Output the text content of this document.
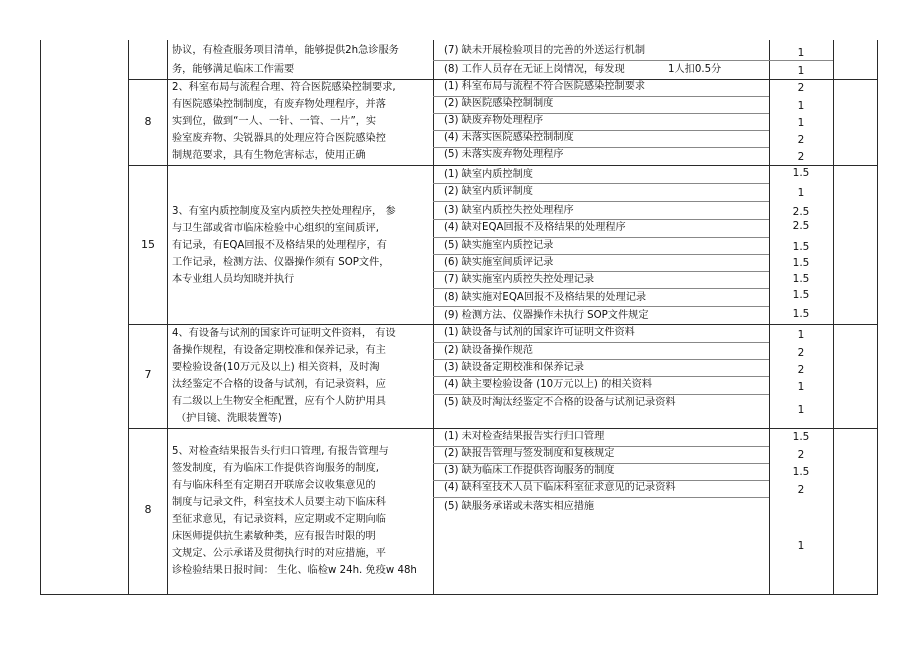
协议，有检查服务项目清单，能够提供2h急诊服务
务，能够满足临床工作需要
(7) 缺未开展检验项目的完善的外送运行机制	1
(8) 工作人员存在无证上岗情况，每发现	1人扣0.5分	1
8
2、科室布局与流程合理、符合医院感染控制要求,
有医院感染控制制度，有废弃物处理程序，并落
实到位，做到“一人、一针、一管、一片”，实
验室废弃物、尖锐器具的处理应符合医院感染控
制规范要求，具有生物危害标志，使用正确
(1) 科室布局与流程不符合医院感染控制要求	2
(2) 缺医院感染控制制度	1
(3) 缺废弃物处理程序	1
(4) 未落实医院感染控制制度	2
(5) 未落实废弃物处理程序	2
15
3、有室内质控制度及室内质控失控处理程序， 参
与卫生部或省市临床检验中心组织的室间质评,
有记录，有EQA回报不及格结果的处理程序，有
工作记录，检测方法、仪器操作须有 SOP文件，
本专业组人员均知晓并执行
(1) 缺室内质控制度	1.5
(2) 缺室内质评制度	1
(3) 缺室内质控失控处理程序	2.5
(4) 缺对EQA回报不及格结果的处理程序	2.5
(5) 缺实施室内质控记录	1.5
(6) 缺实施室间质评记录	1.5
(7) 缺实施室内质控失控处理记录	1.5
(8) 缺实施对EQA回报不及格结果的处理记录	1.5
(9) 检测方法、仪器操作未执行 SOP文件规定	1.5
7
4、有设备与试剂的国家许可证明文件资料， 有设
备操作规程，有设备定期校准和保养记录，有主
要检验设备(10万元及以上) 相关资料，及时淘
汰经鉴定不合格的设备与试剂，有记录资料，应
有二级以上生物安全柜配置，应有个人防护用具
（护目镜、洗眼装置等)
(1) 缺设备与试剂的国家许可证明文件资料	1
(2) 缺设备操作规范	2
(3) 缺设备定期校准和保养记录	2
(4) 缺主要检验设备 (10万元以上) 的相关资料	1
(5) 缺及时淘汰经鉴定不合格的设备与试剂记录资料
1
8
5、对检查结果报告头行归口管理, 有报告管理与
签发制度，有为临床工作提供咨询服务的制度,
有与临床科至有定期召开联席会议收集意见的
制度与记录文件，科室技术人员要主动下临床科
至征求意见，有记录资料，应定期或不定期向临
床医师提供抗生素敏种类，应有报告时限的明
文规定、公示承诺及贯彻执行时的对应措施，平
诊检验结果日报时间： 生化、临检w 24h. 免疫w 48h
(1) 未对检查结果报告实行归口管理	1.5
(2) 缺报告管理与签发制度和复核规定	2
(3) 缺为临床工作提供咨询服务的制度	1.5
(4) 缺科室技术人员下临床科室征求意见的记录资料	2
(5) 缺服务承诺或未落实相应措施
1
